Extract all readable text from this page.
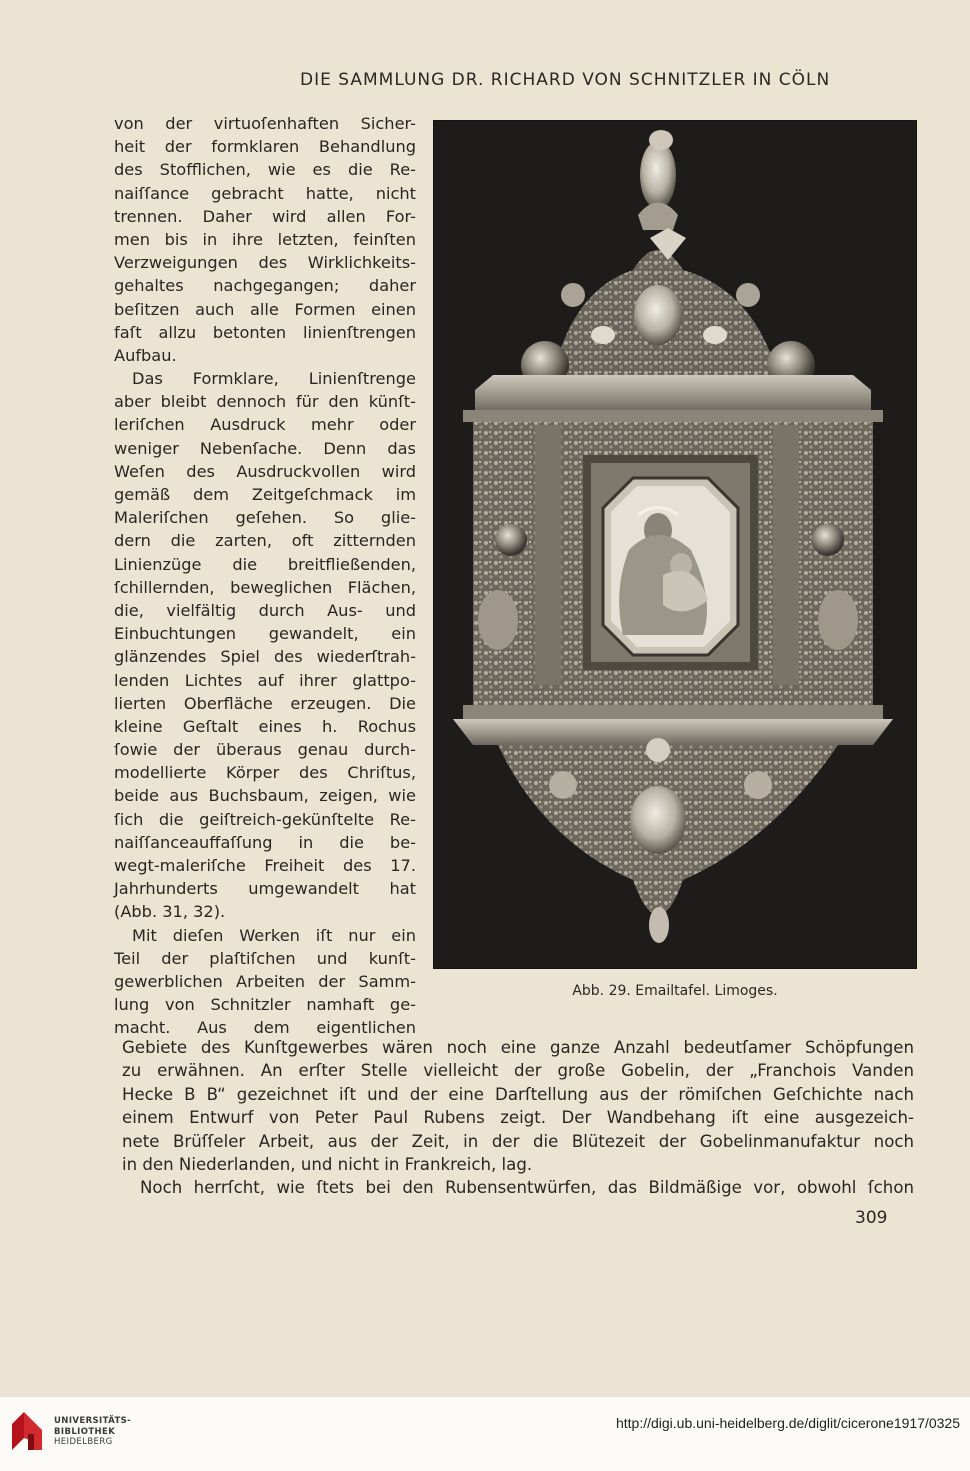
DIE SAMMLUNG DR. RICHARD VON SCHNITZLER IN CÖLN
von der virtuoſenhaften Sicher-
heit der formklaren Behandlung
des Stofflichen, wie es die Re-
naiſſance gebracht hatte, nicht
trennen. Daher wird allen For-
men bis in ihre letzten, feinſten
Verzweigungen des Wirklichkeits-
gehaltes nachgegangen; daher
beſitzen auch alle Formen einen
faſt allzu betonten linienſtrengen
Aufbau.
Das Formklare, Linienſtrenge
aber bleibt dennoch für den künſt-
leriſchen Ausdruck mehr oder
weniger Nebenſache. Denn das
Weſen des Ausdruckvollen wird
gemäß dem Zeitgeſchmack im
Maleriſchen geſehen. So glie-
dern die zarten, oft zitternden
Linienzüge die breitfließenden,
ſchillernden, beweglichen Flächen,
die, vielfältig durch Aus- und
Einbuchtungen gewandelt, ein
glänzendes Spiel des wiederſtrah-
lenden Lichtes auf ihrer glattpo-
lierten Oberfläche erzeugen. Die
kleine Geſtalt eines h. Rochus
ſowie der überaus genau durch-
modellierte Körper des Chriſtus,
beide aus Buchsbaum, zeigen, wie
ſich die geiſtreich-gekünſtelte Re-
naiſſanceauffaſſung in die be-
wegt-maleriſche Freiheit des 17.
Jahrhunderts umgewandelt hat
(Abb. 31, 32).
Mit dieſen Werken iſt nur ein
Teil der plaſtiſchen und kunſt-
gewerblichen Arbeiten der Samm-
lung von Schnitzler namhaft ge-
macht. Aus dem eigentlichen
Abb. 29. Emailtafel. Limoges.
Gebiete des Kunſtgewerbes wären noch eine ganze Anzahl bedeutſamer Schöpfungen
zu erwähnen. An erſter Stelle vielleicht der große Gobelin, der „Franchois Vanden
Hecke B B“ gezeichnet iſt und der eine Darſtellung aus der römiſchen Geſchichte nach
einem Entwurf von Peter Paul Rubens zeigt. Der Wandbehang iſt eine ausgezeich-
nete Brüſſeler Arbeit, aus der Zeit, in der die Blütezeit der Gobelinmanufaktur noch
in den Niederlanden, und nicht in Frankreich, lag.
Noch herrſcht, wie ſtets bei den Rubensentwürfen, das Bildmäßige vor, obwohl ſchon
309
UNIVERSITÄTS-
BIBLIOTHEK
HEIDELBERG
http://digi.ub.uni-heidelberg.de/diglit/cicerone1917/0325
